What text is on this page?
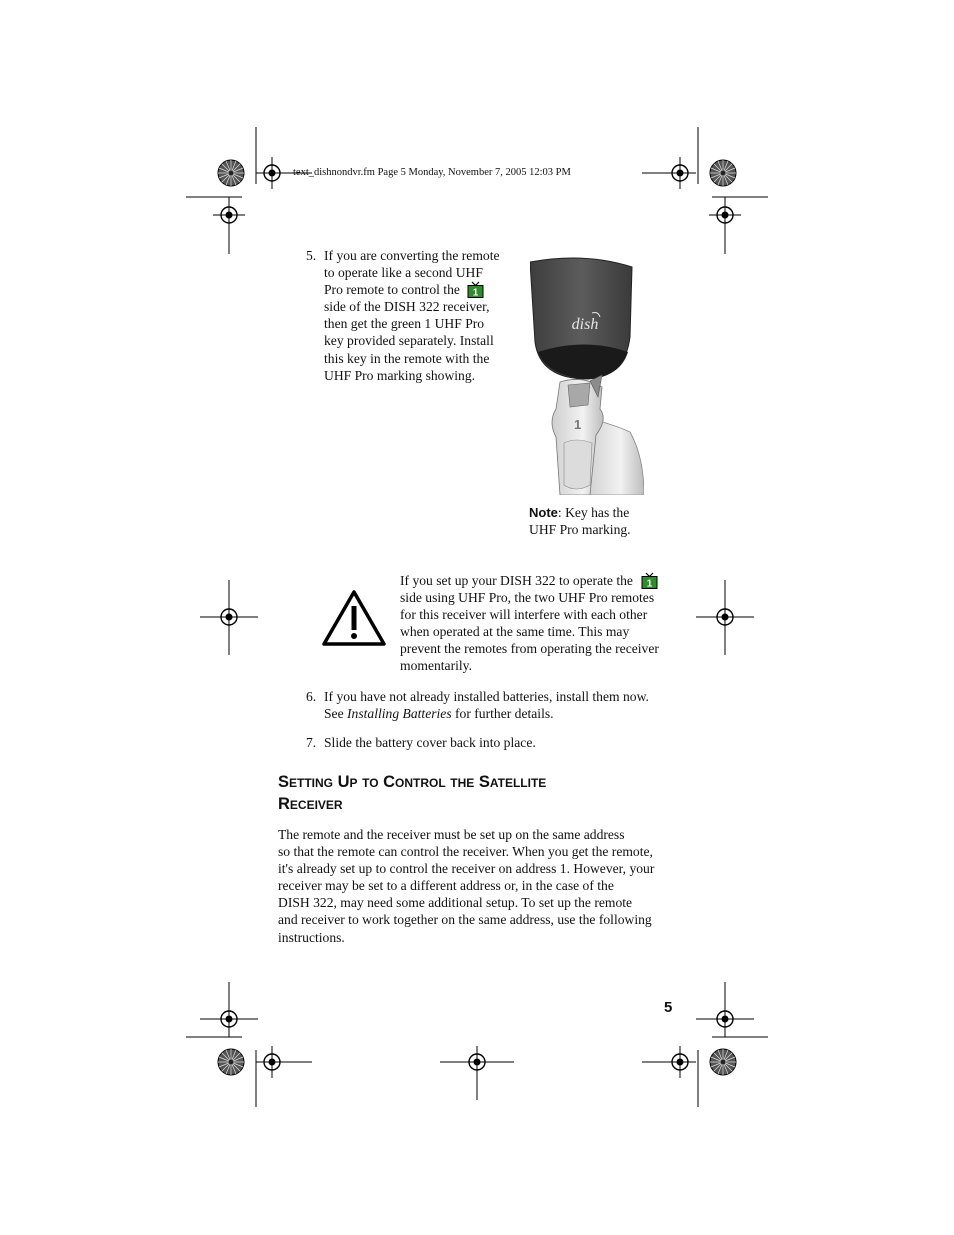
text_dishnondvr.fm Page 5 Monday, November 7, 2005 12:03 PM
5. If you are converting the remote
to operate like a second UHF
Pro remote to control the 1
side of the DISH 322 receiver,
then get the green 1 UHF Pro
key provided separately. Install
this key in the remote with the
UHF Pro marking showing.
dish
1
Note: Key has the UHF Pro marking.
If you set up your DISH 322 to operate the 1
side using UHF Pro, the two UHF Pro remotes for this receiver will interfere with each other when operated at the same time. This may prevent the remotes from operating the receiver momentarily.
6. If you have not already installed batteries, install them now. See Installing Batteries for further details.
7. Slide the battery cover back into place.
Setting Up to Control the Satellite
Receiver
The remote and the receiver must be set up on the same address
so that the remote can control the receiver. When you get the remote,
it's already set up to control the receiver on address 1. However, your
receiver may be set to a different address or, in the case of the
DISH 322, may need some additional setup. To set up the remote
and receiver to work together on the same address, use the following
instructions.
5
